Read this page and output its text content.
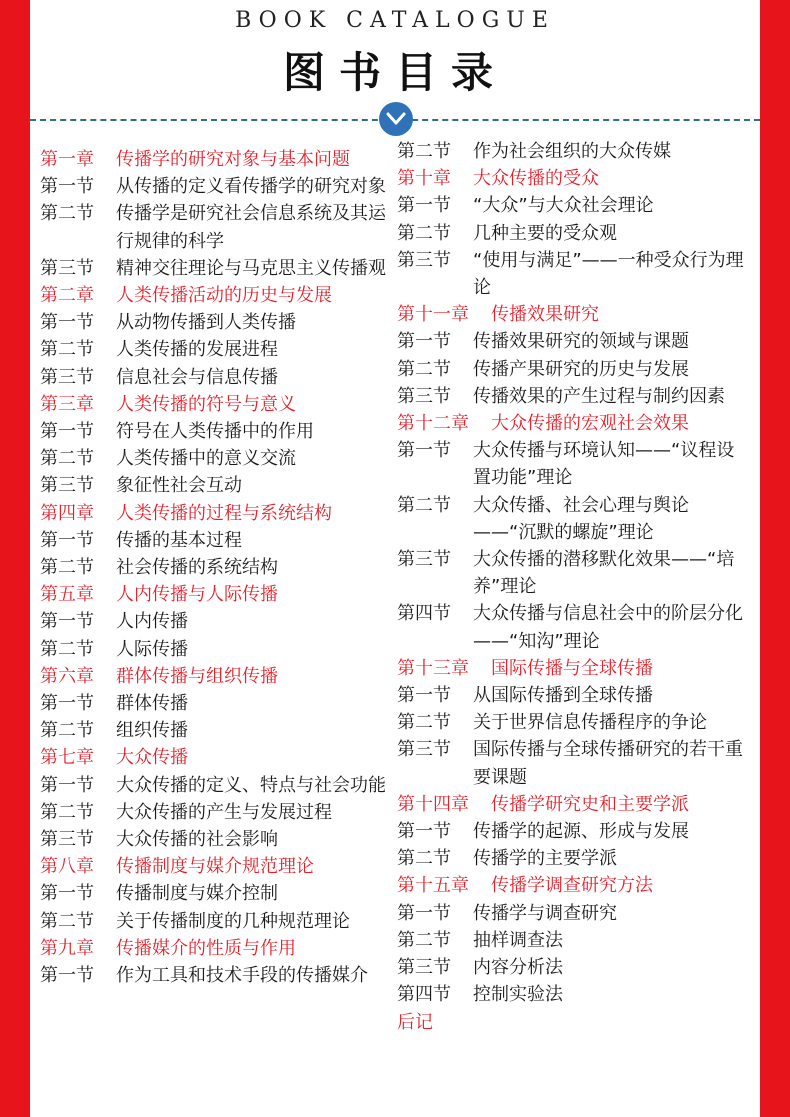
BOOK CATALOGUE
图书目录
第一章	传播学的研究对象与基本问题
第一节	从传播的定义看传播学的研究对象
第二节	传播学是研究社会信息系统及其运行规律的科学
第三节	精神交往理论与马克思主义传播观
第二章	人类传播活动的历史与发展
第一节	从动物传播到人类传播
第二节	人类传播的发展进程
第三节	信息社会与信息传播
第三章	人类传播的符号与意义
第一节	符号在人类传播中的作用
第二节	人类传播中的意义交流
第三节	象征性社会互动
第四章	人类传播的过程与系统结构
第一节	传播的基本过程
第二节	社会传播的系统结构
第五章	人内传播与人际传播
第一节	人内传播
第二节	人际传播
第六章	群体传播与组织传播
第一节	群体传播
第二节	组织传播
第七章	大众传播
第一节	大众传播的定义、特点与社会功能
第二节	大众传播的产生与发展过程
第三节	大众传播的社会影响
第八章	传播制度与媒介规范理论
第一节	传播制度与媒介控制
第二节	关于传播制度的几种规范理论
第九章	传播媒介的性质与作用
第一节	作为工具和技术手段的传播媒介
第二节	作为社会组织的大众传媒
第十章	大众传播的受众
第一节	“大众”与大众社会理论
第二节	几种主要的受众观
第三节	“使用与满足”——一种受众行为理论
第十一章	传播效果研究
第一节	传播效果研究的领域与课题
第二节	传播产果研究的历史与发展
第三节	传播效果的产生过程与制约因素
第十二章	大众传播的宏观社会效果
第一节	大众传播与环境认知——“议程设置功能”理论
第二节	大众传播、社会心理与舆论——“沉默的螺旋”理论
第三节	大众传播的潜移默化效果——“培养”理论
第四节	大众传播与信息社会中的阶层分化——“知沟”理论
第十三章	国际传播与全球传播
第一节	从国际传播到全球传播
第二节	关于世界信息传播程序的争论
第三节	国际传播与全球传播研究的若干重要课题
第十四章	传播学研究史和主要学派
第一节	传播学的起源、形成与发展
第二节	传播学的主要学派
第十五章	传播学调查研究方法
第一节	传播学与调查研究
第二节	抽样调查法
第三节	内容分析法
第四节	控制实验法
后记
